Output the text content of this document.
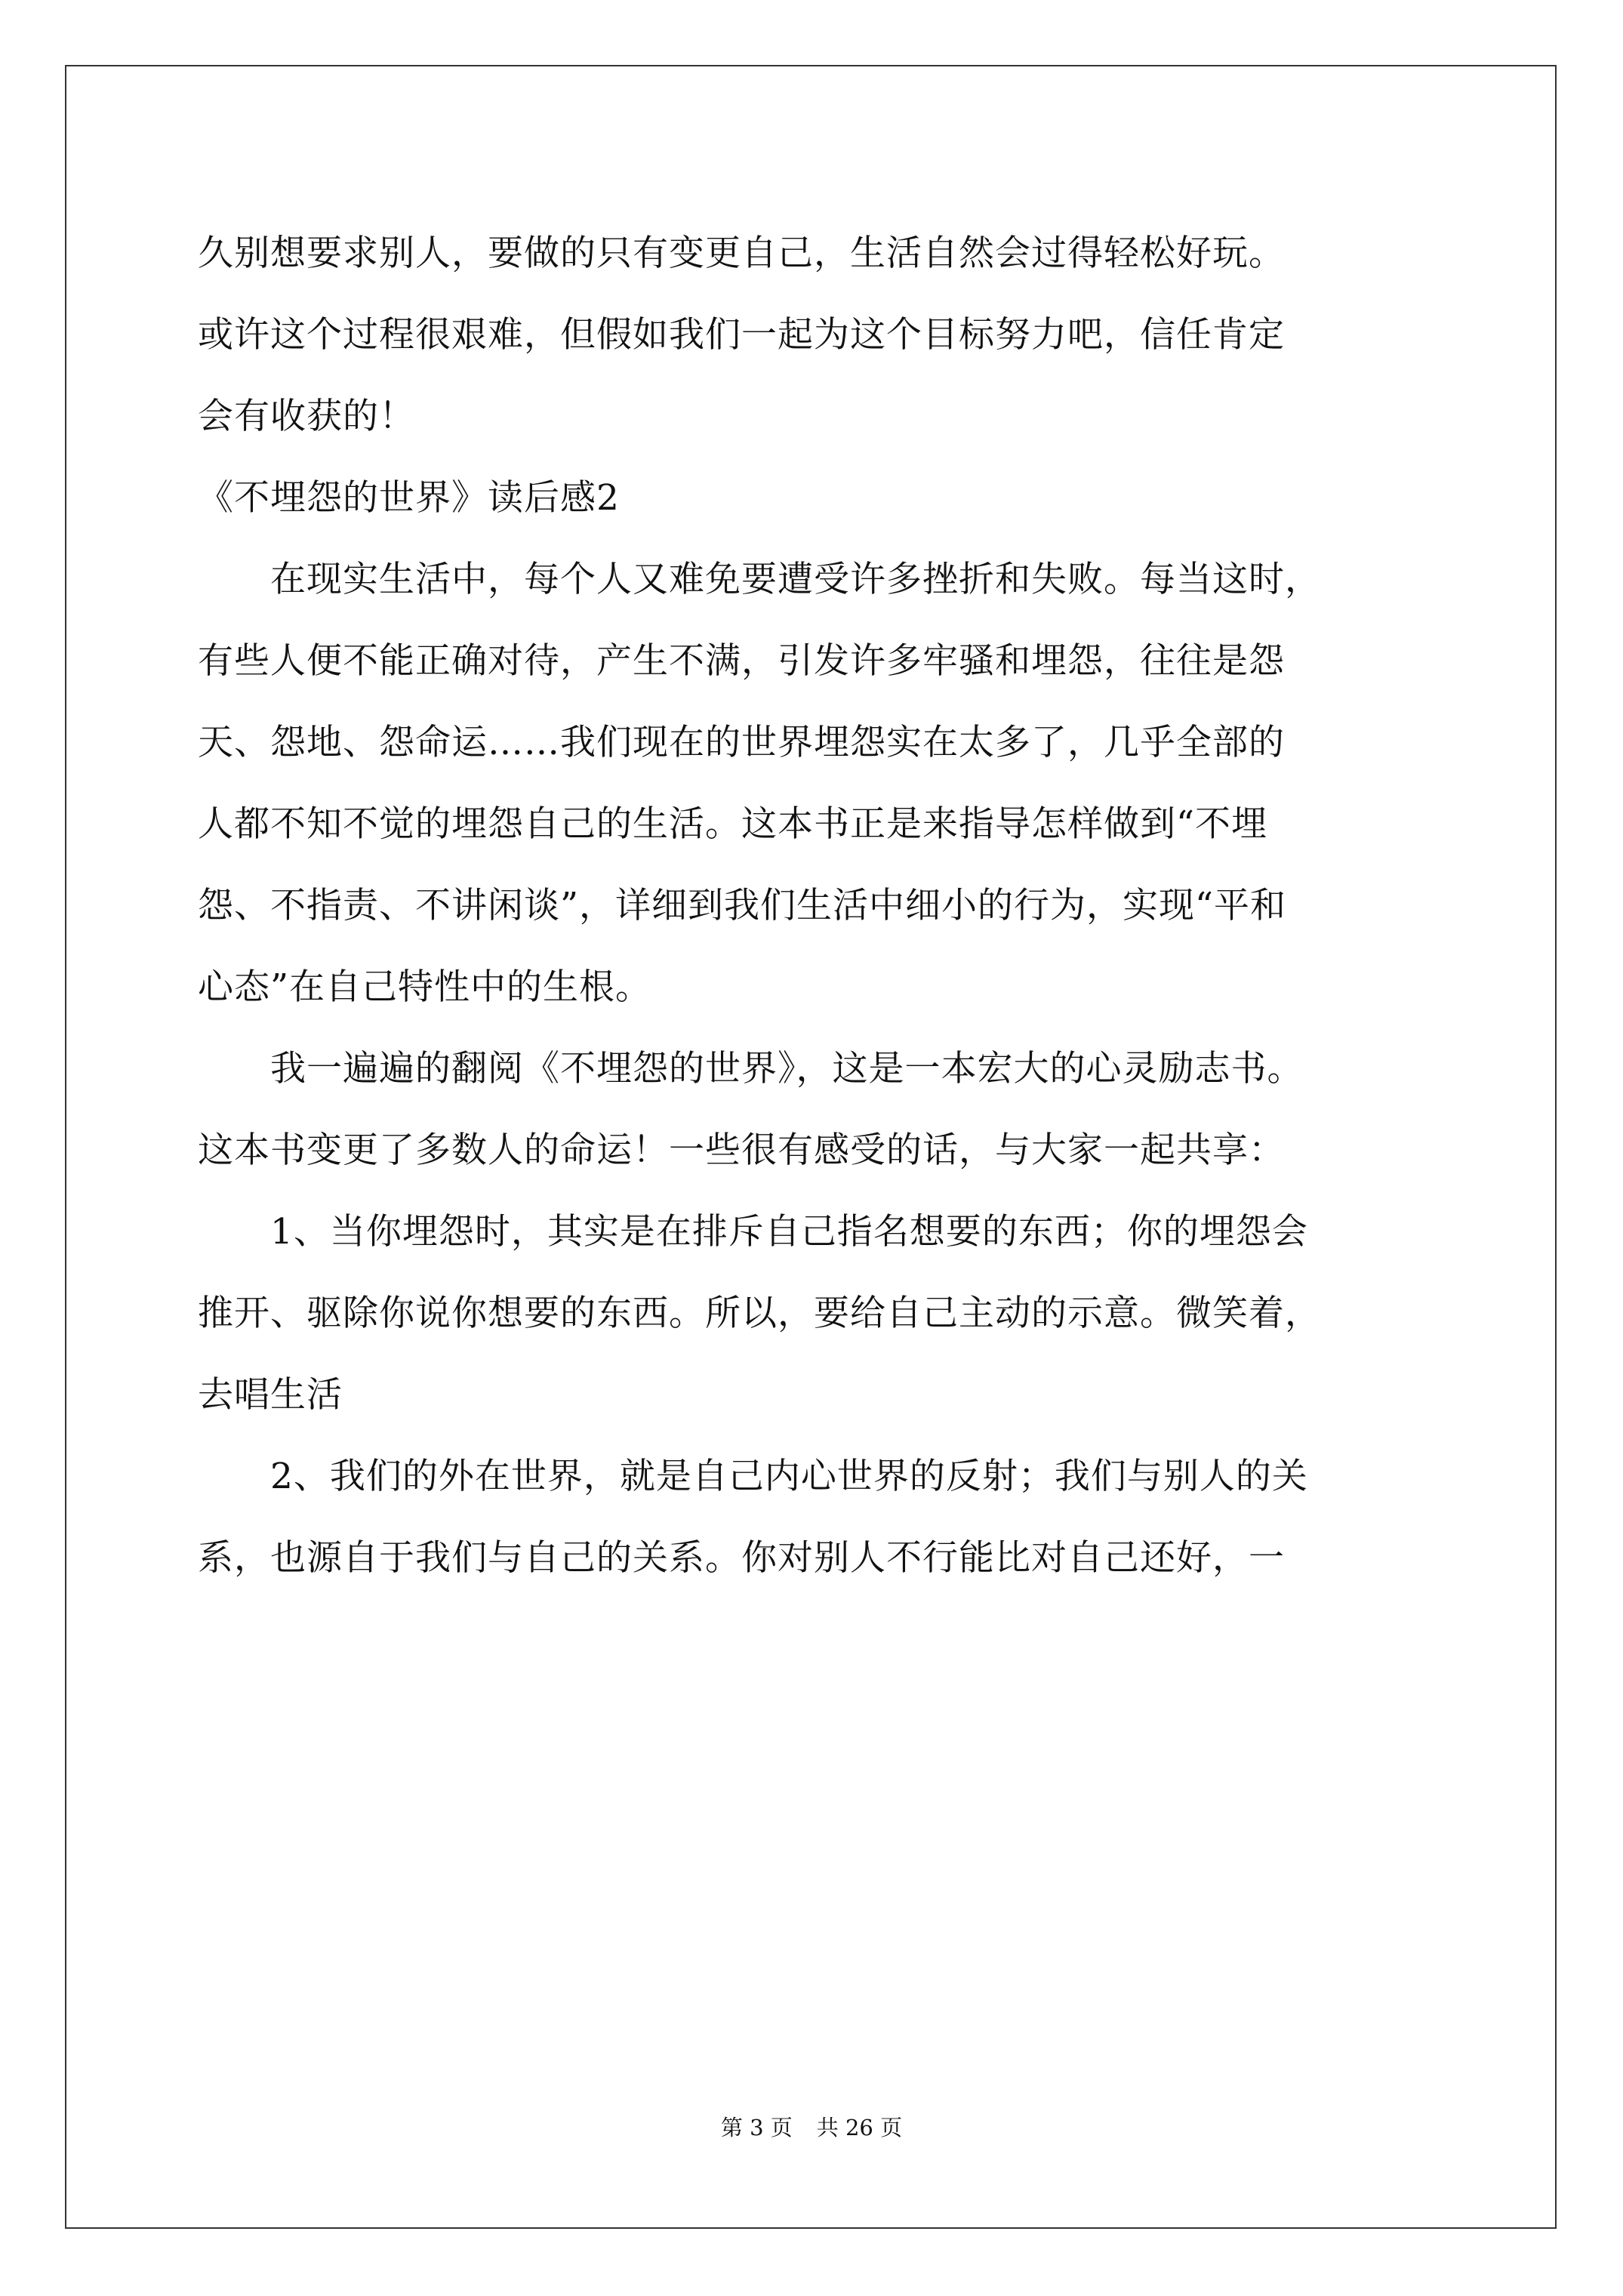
久别想要求别人，要做的只有变更自己，生活自然会过得轻松好玩。
或许这个过程很艰难，但假如我们一起为这个目标努力吧，信任肯定
会有收获的！
《不埋怨的世界》读后感2
　　在现实生活中，每个人又难免要遭受许多挫折和失败。每当这时，
有些人便不能正确对待，产生不满，引发许多牢骚和埋怨，往往是怨
天、怨地、怨命运……我们现在的世界埋怨实在太多了，几乎全部的
人都不知不觉的埋怨自己的生活。这本书正是来指导怎样做到“不埋
怨、不指责、不讲闲谈”，详细到我们生活中细小的行为，实现“平和
心态”在自己特性中的生根。
　　我一遍遍的翻阅《不埋怨的世界》，这是一本宏大的心灵励志书。
这本书变更了多数人的命运！一些很有感受的话，与大家一起共享：
　　1、当你埋怨时，其实是在排斥自己指名想要的东西；你的埋怨会
推开、驱除你说你想要的东西。所以，要给自己主动的示意。微笑着，
去唱生活
　　2、我们的外在世界，就是自己内心世界的反射；我们与别人的关
系，也源自于我们与自己的关系。你对别人不行能比对自己还好，一
第 3 页 共 26 页
